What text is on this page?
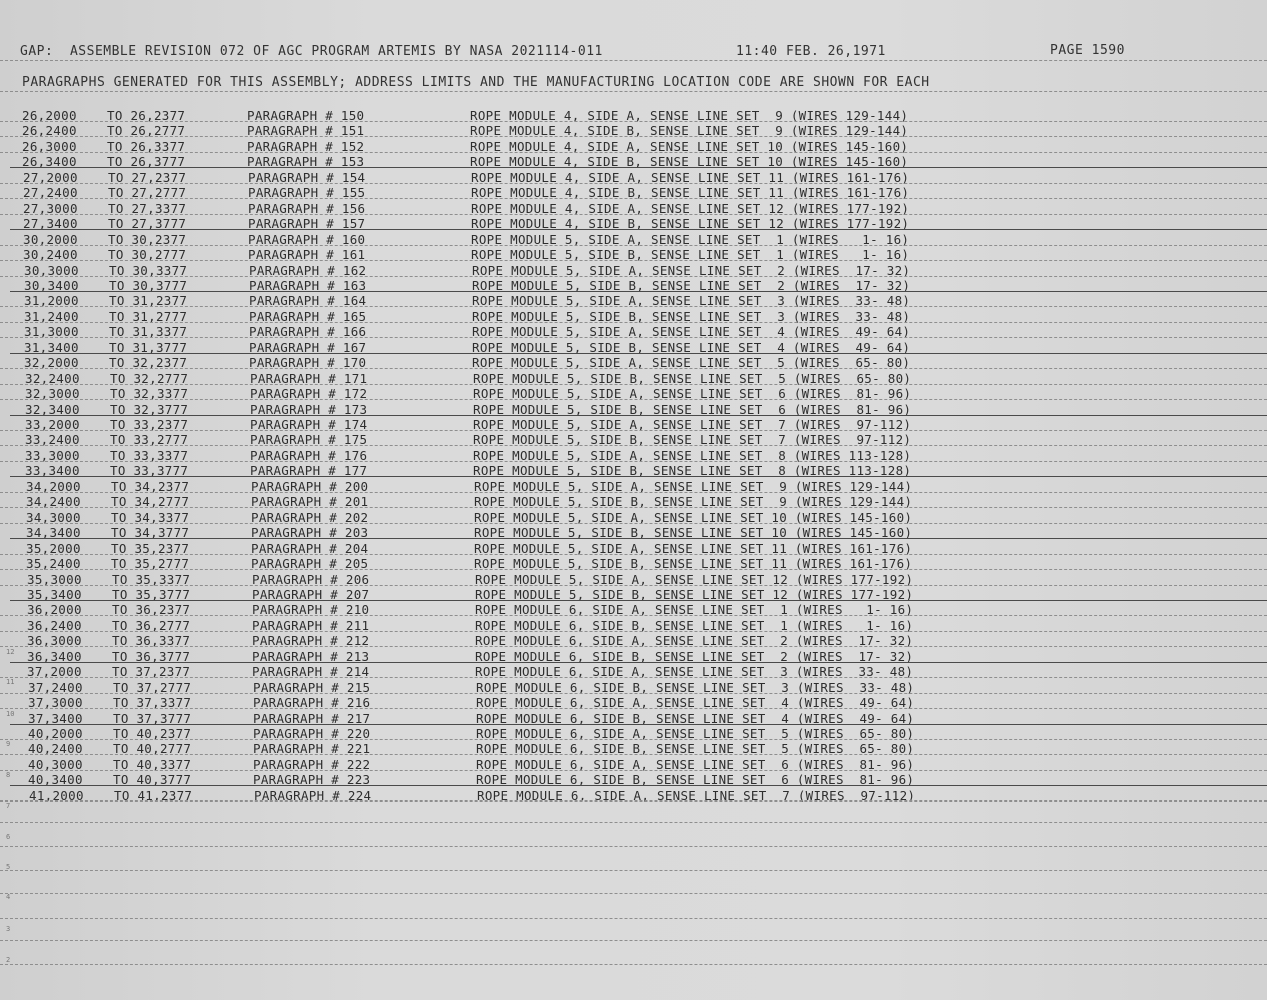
GAP:  ASSEMBLE REVISION 072 OF AGC PROGRAM ARTEMIS BY NASA 2021114-011	11:40 FEB. 26,1971	PAGE 1590
PARAGRAPHS GENERATED FOR THIS ASSEMBLY; ADDRESS LIMITS AND THE MANUFACTURING LOCATION CODE ARE SHOWN FOR EACH
26,2000 TO 26,2377	PARAGRAPH # 150	ROPE MODULE 4, SIDE A, SENSE LINE SET  9 (WIRES 129-144)
26,2400 TO 26,2777	PARAGRAPH # 151	ROPE MODULE 4, SIDE B, SENSE LINE SET  9 (WIRES 129-144)
26,3000 TO 26,3377	PARAGRAPH # 152	ROPE MODULE 4, SIDE A, SENSE LINE SET 10 (WIRES 145-160)
26,3400 TO 26,3777	PARAGRAPH # 153	ROPE MODULE 4, SIDE B, SENSE LINE SET 10 (WIRES 145-160)
27,2000 TO 27,2377	PARAGRAPH # 154	ROPE MODULE 4, SIDE A, SENSE LINE SET 11 (WIRES 161-176)
27,2400 TO 27,2777	PARAGRAPH # 155	ROPE MODULE 4, SIDE B, SENSE LINE SET 11 (WIRES 161-176)
27,3000 TO 27,3377	PARAGRAPH # 156	ROPE MODULE 4, SIDE A, SENSE LINE SET 12 (WIRES 177-192)
27,3400 TO 27,3777	PARAGRAPH # 157	ROPE MODULE 4, SIDE B, SENSE LINE SET 12 (WIRES 177-192)
30,2000 TO 30,2377	PARAGRAPH # 160	ROPE MODULE 5, SIDE A, SENSE LINE SET  1 (WIRES   1- 16)
30,2400 TO 30,2777	PARAGRAPH # 161	ROPE MODULE 5, SIDE B, SENSE LINE SET  1 (WIRES   1- 16)
30,3000 TO 30,3377	PARAGRAPH # 162	ROPE MODULE 5, SIDE A, SENSE LINE SET  2 (WIRES  17- 32)
30,3400 TO 30,3777	PARAGRAPH # 163	ROPE MODULE 5, SIDE B, SENSE LINE SET  2 (WIRES  17- 32)
31,2000 TO 31,2377	PARAGRAPH # 164	ROPE MODULE 5, SIDE A, SENSE LINE SET  3 (WIRES  33- 48)
31,2400 TO 31,2777	PARAGRAPH # 165	ROPE MODULE 5, SIDE B, SENSE LINE SET  3 (WIRES  33- 48)
31,3000 TO 31,3377	PARAGRAPH # 166	ROPE MODULE 5, SIDE A, SENSE LINE SET  4 (WIRES  49- 64)
31,3400 TO 31,3777	PARAGRAPH # 167	ROPE MODULE 5, SIDE B, SENSE LINE SET  4 (WIRES  49- 64)
32,2000 TO 32,2377	PARAGRAPH # 170	ROPE MODULE 5, SIDE A, SENSE LINE SET  5 (WIRES  65- 80)
32,2400 TO 32,2777	PARAGRAPH # 171	ROPE MODULE 5, SIDE B, SENSE LINE SET  5 (WIRES  65- 80)
32,3000 TO 32,3377	PARAGRAPH # 172	ROPE MODULE 5, SIDE A, SENSE LINE SET  6 (WIRES  81- 96)
32,3400 TO 32,3777	PARAGRAPH # 173	ROPE MODULE 5, SIDE B, SENSE LINE SET  6 (WIRES  81- 96)
33,2000 TO 33,2377	PARAGRAPH # 174	ROPE MODULE 5, SIDE A, SENSE LINE SET  7 (WIRES  97-112)
33,2400 TO 33,2777	PARAGRAPH # 175	ROPE MODULE 5, SIDE B, SENSE LINE SET  7 (WIRES  97-112)
33,3000 TO 33,3377	PARAGRAPH # 176	ROPE MODULE 5, SIDE A, SENSE LINE SET  8 (WIRES 113-128)
33,3400 TO 33,3777	PARAGRAPH # 177	ROPE MODULE 5, SIDE B, SENSE LINE SET  8 (WIRES 113-128)
34,2000 TO 34,2377	PARAGRAPH # 200	ROPE MODULE 5, SIDE A, SENSE LINE SET  9 (WIRES 129-144)
34,2400 TO 34,2777	PARAGRAPH # 201	ROPE MODULE 5, SIDE B, SENSE LINE SET  9 (WIRES 129-144)
34,3000 TO 34,3377	PARAGRAPH # 202	ROPE MODULE 5, SIDE A, SENSE LINE SET 10 (WIRES 145-160)
34,3400 TO 34,3777	PARAGRAPH # 203	ROPE MODULE 5, SIDE B, SENSE LINE SET 10 (WIRES 145-160)
35,2000 TO 35,2377	PARAGRAPH # 204	ROPE MODULE 5, SIDE A, SENSE LINE SET 11 (WIRES 161-176)
35,2400 TO 35,2777	PARAGRAPH # 205	ROPE MODULE 5, SIDE B, SENSE LINE SET 11 (WIRES 161-176)
35,3000 TO 35,3377	PARAGRAPH # 206	ROPE MODULE 5, SIDE A, SENSE LINE SET 12 (WIRES 177-192)
35,3400 TO 35,3777	PARAGRAPH # 207	ROPE MODULE 5, SIDE B, SENSE LINE SET 12 (WIRES 177-192)
36,2000 TO 36,2377	PARAGRAPH # 210	ROPE MODULE 6, SIDE A, SENSE LINE SET  1 (WIRES   1- 16)
36,2400 TO 36,2777	PARAGRAPH # 211	ROPE MODULE 6, SIDE B, SENSE LINE SET  1 (WIRES   1- 16)
36,3000 TO 36,3377	PARAGRAPH # 212	ROPE MODULE 6, SIDE A, SENSE LINE SET  2 (WIRES  17- 32)
36,3400 TO 36,3777	PARAGRAPH # 213	ROPE MODULE 6, SIDE B, SENSE LINE SET  2 (WIRES  17- 32)
37,2000 TO 37,2377	PARAGRAPH # 214	ROPE MODULE 6, SIDE A, SENSE LINE SET  3 (WIRES  33- 48)
37,2400 TO 37,2777	PARAGRAPH # 215	ROPE MODULE 6, SIDE B, SENSE LINE SET  3 (WIRES  33- 48)
37,3000 TO 37,3377	PARAGRAPH # 216	ROPE MODULE 6, SIDE A, SENSE LINE SET  4 (WIRES  49- 64)
37,3400 TO 37,3777	PARAGRAPH # 217	ROPE MODULE 6, SIDE B, SENSE LINE SET  4 (WIRES  49- 64)
40,2000 TO 40,2377	PARAGRAPH # 220	ROPE MODULE 6, SIDE A, SENSE LINE SET  5 (WIRES  65- 80)
40,2400 TO 40,2777	PARAGRAPH # 221	ROPE MODULE 6, SIDE B, SENSE LINE SET  5 (WIRES  65- 80)
40,3000 TO 40,3377	PARAGRAPH # 222	ROPE MODULE 6, SIDE A, SENSE LINE SET  6 (WIRES  81- 96)
40,3400 TO 40,3777	PARAGRAPH # 223	ROPE MODULE 6, SIDE B, SENSE LINE SET  6 (WIRES  81- 96)
41,2000 TO 41,2377	PARAGRAPH # 224	ROPE MODULE 6, SIDE A, SENSE LINE SET  7 (WIRES  97-112)
12
11
10
9
8
7
6
5
4
3
2
